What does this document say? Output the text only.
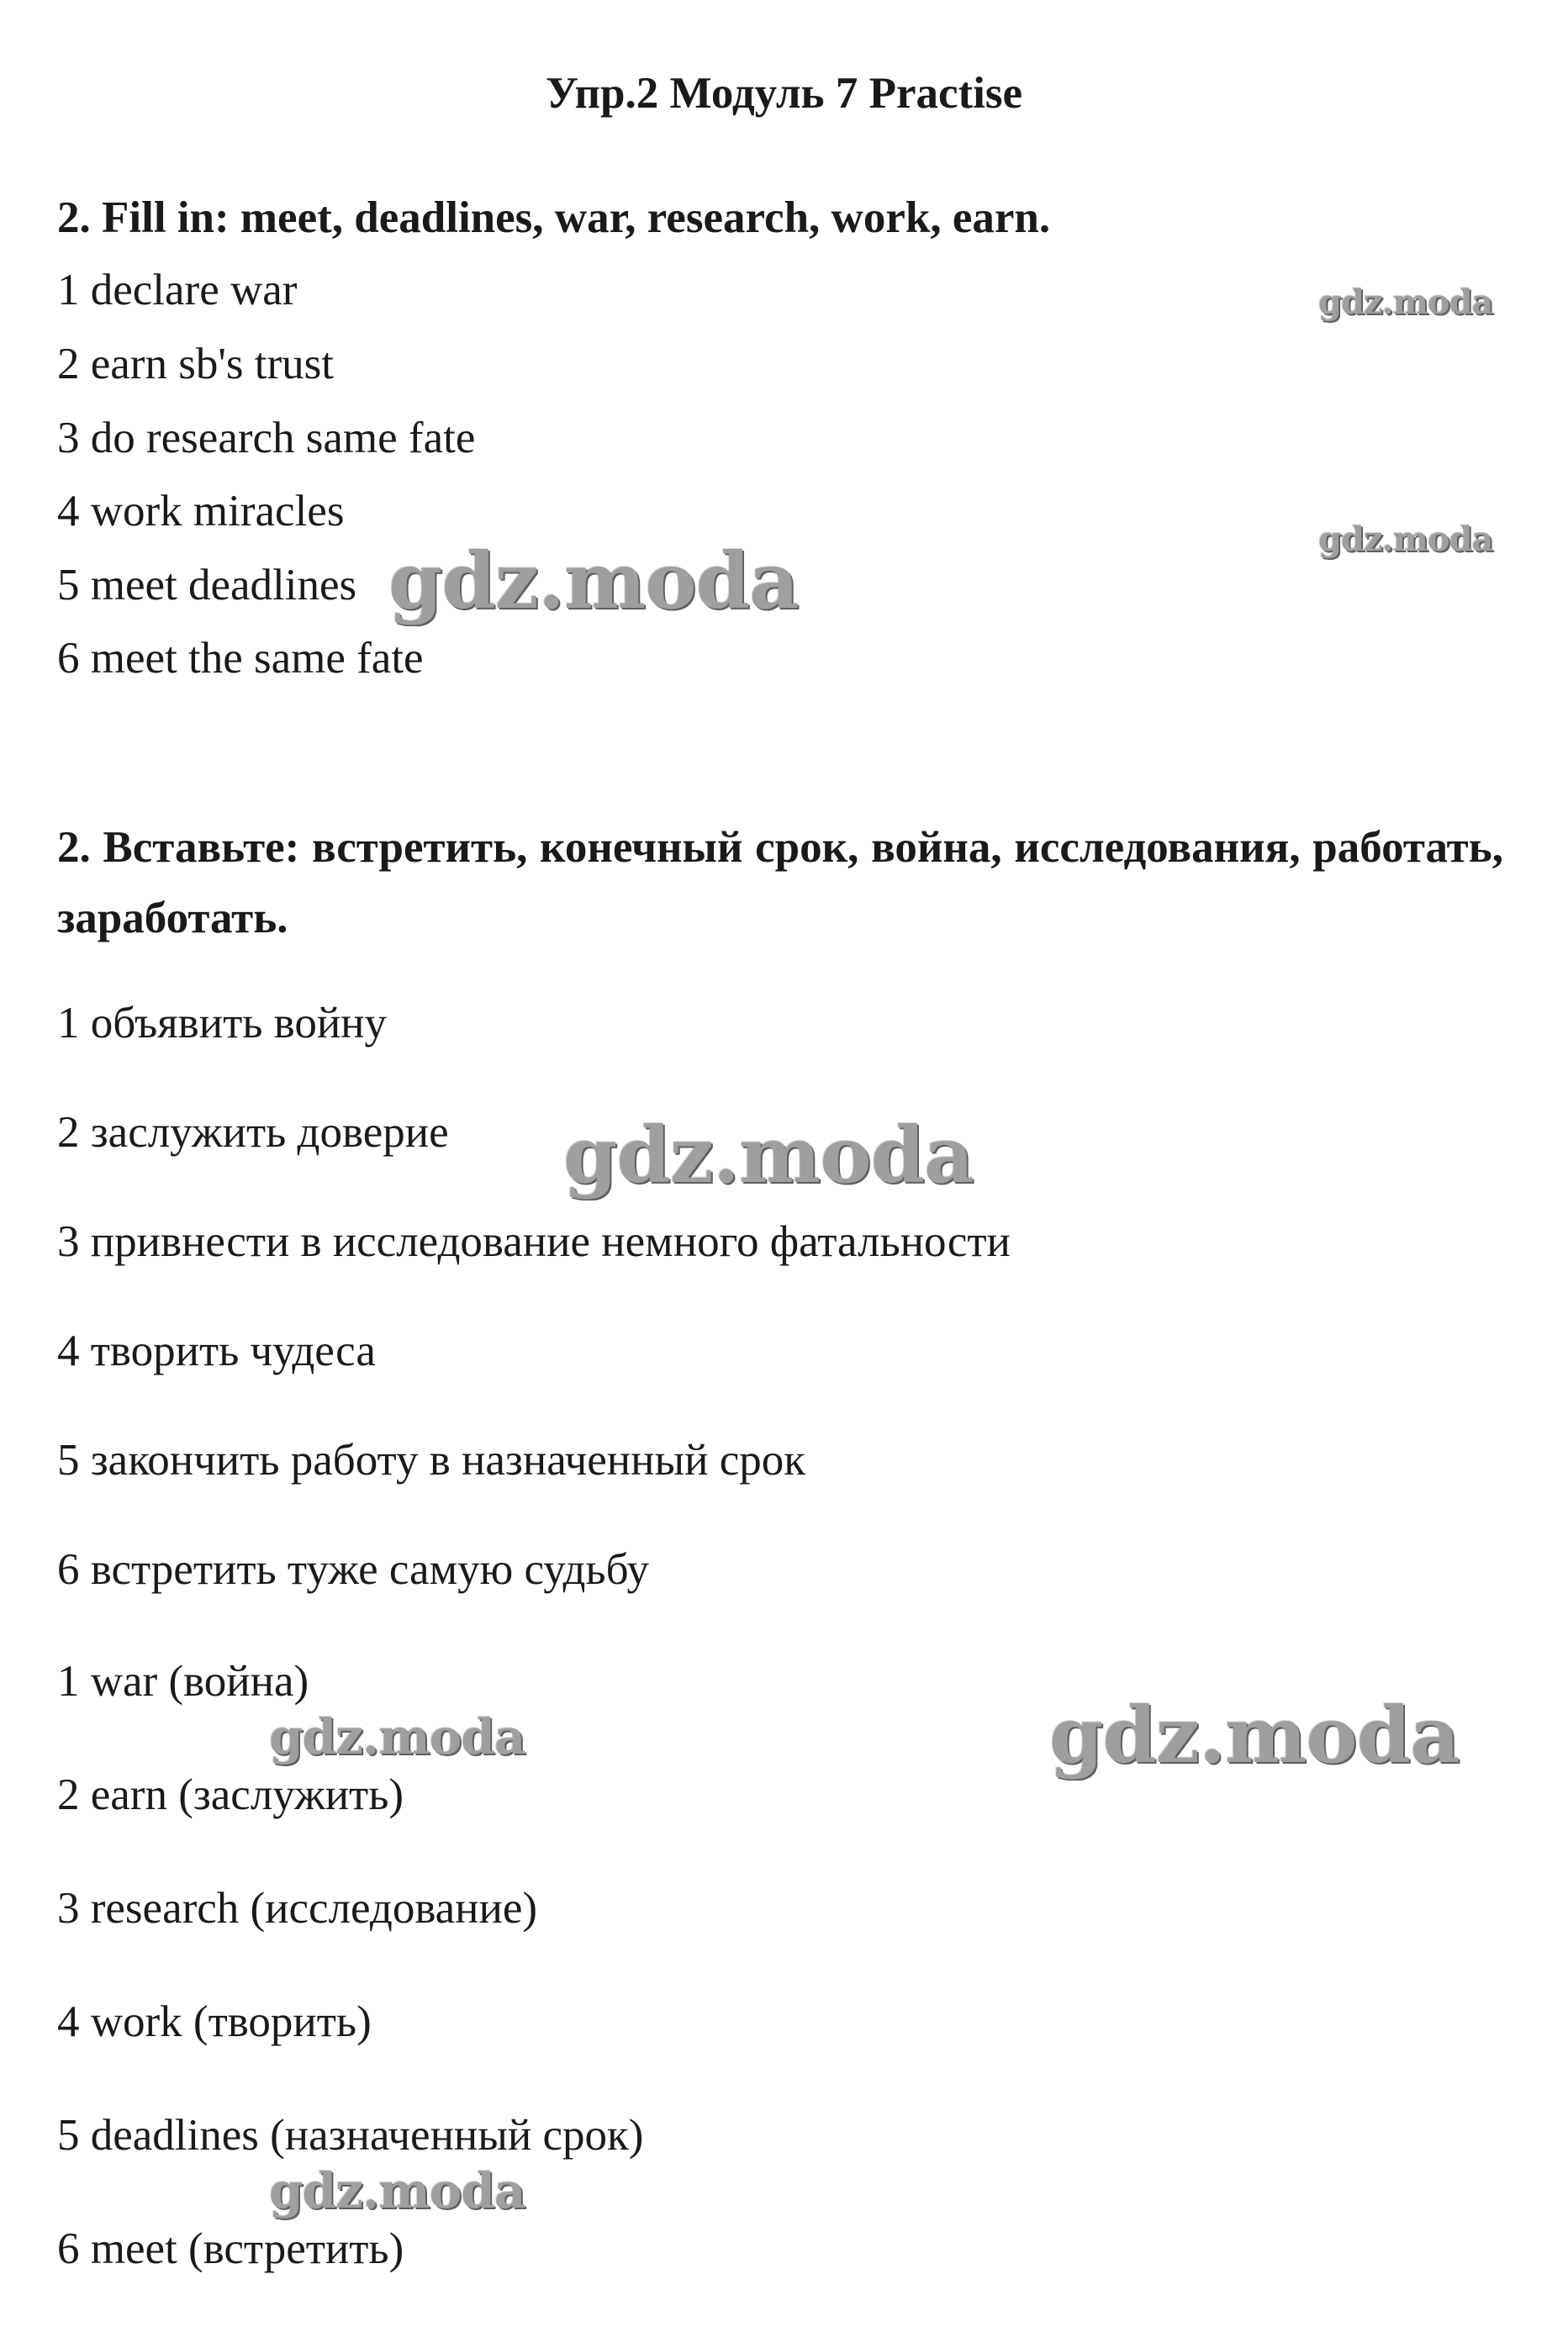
Упр.2 Модуль 7 Practise

2. Fill in: meet, deadlines, war, research, work, earn.

1 declare war

2 earn sb's trust

3 do research same fate

4 work miracles

5 meet deadlines

6 meet the same fate

2. Вставьте: встретить, конечный срок, война, исследования, работать, заработать.

1 объявить войну

2 заслужить доверие

3 привнести в исследование немного фатальности

4 творить чудеса

5 закончить работу в назначенный срок

6 встретить туже самую судьбу

1 war (война)

2 earn (заслужить)

3 research (исследование)

4 work (творить)

5 deadlines (назначенный срок)

6 meet (встретить)

gdz.moda
gdz.moda
gdz.moda
gdz.moda
gdz.moda	gdz.moda
gdz.moda
